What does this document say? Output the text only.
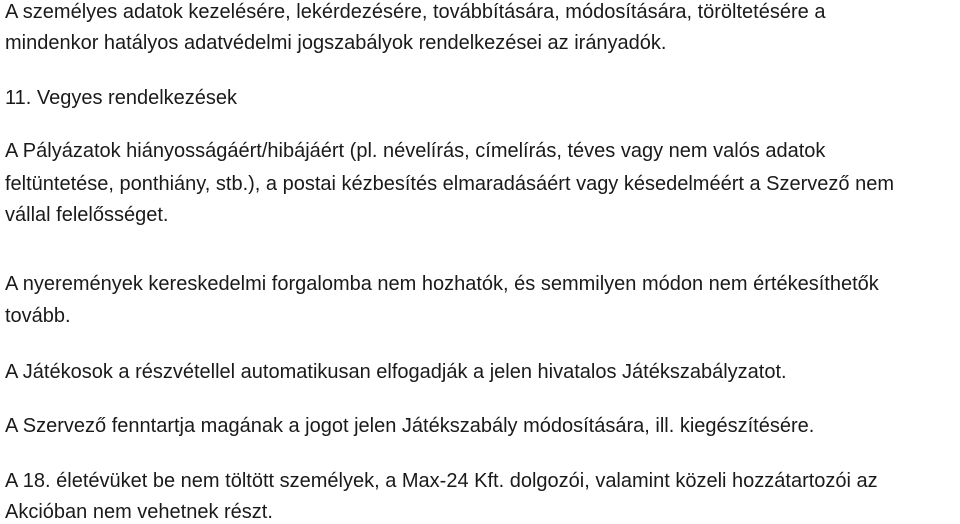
A személyes adatok kezelésére, lekérdezésére, továbbítására, módosítására, töröltetésére a

mindenkor hatályos adatvédelmi jogszabályok rendelkezései az irányadók.

11. Vegyes rendelkezések

A Pályázatok hiányosságáért/hibájáért (pl. névelírás, címelírás, téves vagy nem valós adatok

feltüntetése, ponthiány, stb.), a postai kézbesítés elmaradásáért vagy késedelméért a Szervező nem

vállal felelősséget.

A nyeremények kereskedelmi forgalomba nem hozhatók, és semmilyen módon nem értékesíthetők

tovább.

A Játékosok a részvétellel automatikusan elfogadják a jelen hivatalos Játékszabályzatot.

A Szervező fenntartja magának a jogot jelen Játékszabály módosítására, ill. kiegészítésére.

A 18. életévüket be nem töltött személyek, a Max-24 Kft. dolgozói, valamint közeli hozzátartozói az

Akcióban nem vehetnek részt.
